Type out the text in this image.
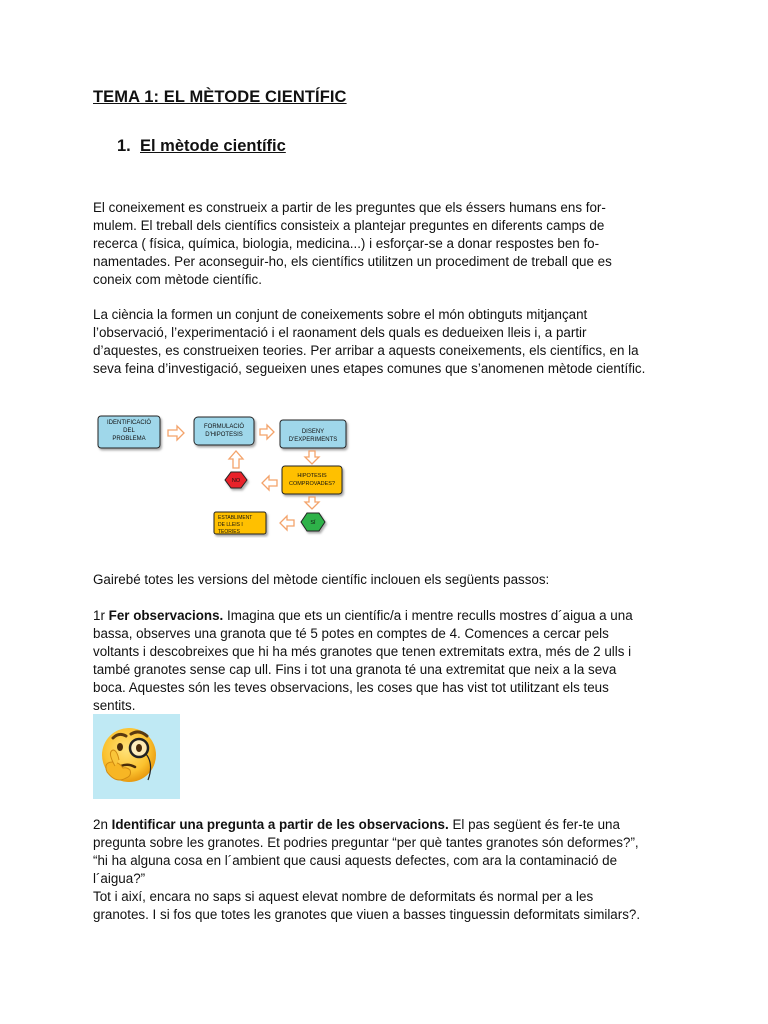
TEMA 1: EL MÈTODE CIENTÍFIC
1. El mètode científic

El coneixement es construeix a partir de les preguntes que els éssers humans ens for-

mulem. El treball dels científics consisteix a plantejar preguntes en diferents camps de

recerca ( física, química, biologia, medicina...) i esforçar-se a donar respostes ben fo-

namentades. Per aconseguir-ho, els científics utilitzen un procediment de treball que es

coneix com mètode científic.

La ciència la formen un conjunt de coneixements sobre el món obtinguts mitjançant

l’observació, l’experimentació i el raonament dels quals es dedueixen lleis i, a partir

d’aquestes, es construeixen teories. Per arribar a aquests coneixements, els científics, en la

seva feina d’investigació, segueixen unes etapes comunes que s’anomenen mètode científic.

IDENTIFICACIÓ
DEL
PROBLEMA
FORMULACIÓ
D'HIPOTESIS	DISENY
D'EXPERIMENTS
HIPOTESIS
COMPROVADES?
NO
SÍ
ESTABLIMENT
DE LLEIS I
TEORIES
Gairebé totes les versions del mètode científic inclouen els següents passos:

1r Fer observacions. Imagina que ets un científic/a i mentre reculls mostres d´aigua a una

bassa, observes una granota que té 5 potes en comptes de 4. Comences a cercar pels

voltants i descobreixes que hi ha més granotes que tenen extremitats extra, més de 2 ulls i

també granotes sense cap ull. Fins i tot una granota té una extremitat que neix a la seva

boca. Aquestes són les teves observacions, les coses que has vist tot utilitzant els teus

sentits.

2n Identificar una pregunta a partir de les observacions. El pas següent és fer-te una

pregunta sobre les granotes. Et podries preguntar “per què tantes granotes són deformes?”,

“hi ha alguna cosa en l´ambient que causi aquests defectes, com ara la contaminació de

l´aigua?”

Tot i així, encara no saps si aquest elevat nombre de deformitats és normal per a les

granotes. I si fos que totes les granotes que viuen a basses tinguessin deformitats similars?.
